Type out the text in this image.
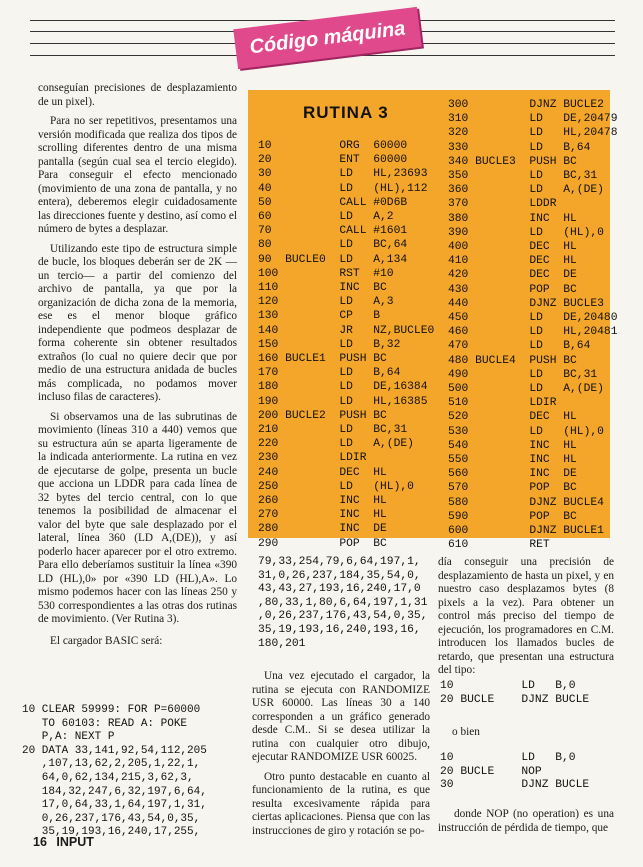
Código máquina

conseguían precisiones de desplazamiento de un pixel).

Para no ser repetitivos, presentamos una versión modificada que realiza dos tipos de scrolling diferentes dentro de una misma pantalla (según cual sea el tercio elegido). Para conseguir el efecto mencionado (movimiento de una zona de pantalla, y no entera), deberemos elegir cuidadosamente las direcciones fuente y destino, así como el número de bytes a desplazar.

Utilizando este tipo de estructura simple de bucle, los bloques deberán ser de 2K —un tercio— a partir del comienzo del archivo de pantalla, ya que por la organización de dicha zona de la memoria, ese es el menor bloque gráfico independiente que podmeos desplazar de forma coherente sin obtener resultados extraños (lo cual no quiere decir que por medio de una estructura anidada de bucles más complicada, no podamos mover incluso filas de caracteres).

Si observamos una de las subrutinas de movimiento (líneas 310 a 440) vemos que su estructura aún se aparta ligeramente de la indicada anteriormente. La rutina en vez de ejecutarse de golpe, presenta un bucle que acciona un LDDR para cada línea de 32 bytes del tercio central, con lo que tenemos la posibilidad de almacenar el valor del byte que sale desplazado por el lateral, línea 360 (LD A,(DE)), y así poderlo hacer aparecer por el otro extremo. Para ello deberíamos sustituir la línea «390 LD (HL),0» por «390 LD (HL),A». Lo mismo podemos hacer con las líneas 250 y 530 correspondientes a las otras dos rutinas de movimiento. (Ver Rutina 3).

El cargador BASIC será:

10 CLEAR 59999: FOR P=60000
TO 60103: READ A: POKE
P,A: NEXT P
20 DATA 33,141,92,54,112,205
,107,13,62,2,205,1,22,1,
64,0,62,134,215,3,62,3,
184,32,247,6,32,197,6,64,
17,0,64,33,1,64,197,1,31,
0,26,237,176,43,54,0,35,
35,19,193,16,240,17,255,
RUTINA 3
10          ORG  60000
20          ENT  60000
30          LD   HL,23693
40          LD   (HL),112
50          CALL #0D6B
60          LD   A,2
70          CALL #1601
80          LD   BC,64
90  BUCLE0  LD   A,134
100         RST  #10
110         INC  BC
120         LD   A,3
130         CP   B
140         JR   NZ,BUCLE0
150         LD   B,32
160 BUCLE1  PUSH BC
170         LD   B,64
180         LD   DE,16384
190         LD   HL,16385
200 BUCLE2  PUSH BC
210         LD   BC,31
220         LD   A,(DE)
230         LDIR
240         DEC  HL
250         LD   (HL),0
260         INC  HL
270         INC  HL
280         INC  DE
290         POP  BC
300         DJNZ BUCLE2
310         LD   DE,20479
320         LD   HL,20478
330         LD   B,64
340 BUCLE3  PUSH BC
350         LD   BC,31
360         LD   A,(DE)
370         LDDR
380         INC  HL
390         LD   (HL),0
400         DEC  HL
410         DEC  HL
420         DEC  DE
430         POP  BC
440         DJNZ BUCLE3
450         LD   DE,20480
460         LD   HL,20481
470         LD   B,64
480 BUCLE4  PUSH BC
490         LD   BC,31
500         LD   A,(DE)
510         LDIR
520         DEC  HL
530         LD   (HL),0
540         INC  HL
550         INC  HL
560         INC  DE
570         POP  BC
580         DJNZ BUCLE4
590         POP  BC
600         DJNZ BUCLE1
610         RET
79,33,254,79,6,64,197,1,
31,0,26,237,184,35,54,0,
43,43,27,193,16,240,17,0
,80,33,1,80,6,64,197,1,31
,0,26,237,176,43,54,0,35,
35,19,193,16,240,193,16,
180,201

Una vez ejecutado el cargador, la rutina se ejecuta con RANDOMIZE USR 60000. Las líneas 30 a 140 corresponden a un gráfico generado desde C.M.. Si se desea utilizar la rutina con cualquier otro dibujo, ejecutar RANDOMIZE USR 60025.

Otro punto destacable en cuanto al funcionamiento de la rutina, es que resulta excesivamente rápida para ciertas aplicaciones. Piensa que con las instrucciones de giro y rotación se po-

día conseguir una precisión de desplazamiento de hasta un pixel, y en nuestro caso desplazamos bytes (8 pixels a la vez). Para obtener un control más preciso del tiempo de ejecución, los programadores en C.M. introducen los llamados bucles de retardo, que presentan una estructura del tipo:

10          LD   B,0
20 BUCLE    DJNZ BUCLE
o bien
10          LD   B,0
20 BUCLE    NOP
30          DJNZ BUCLE

donde NOP (no operation) es una instrucción de pérdida de tiempo, que

16 INPUT
